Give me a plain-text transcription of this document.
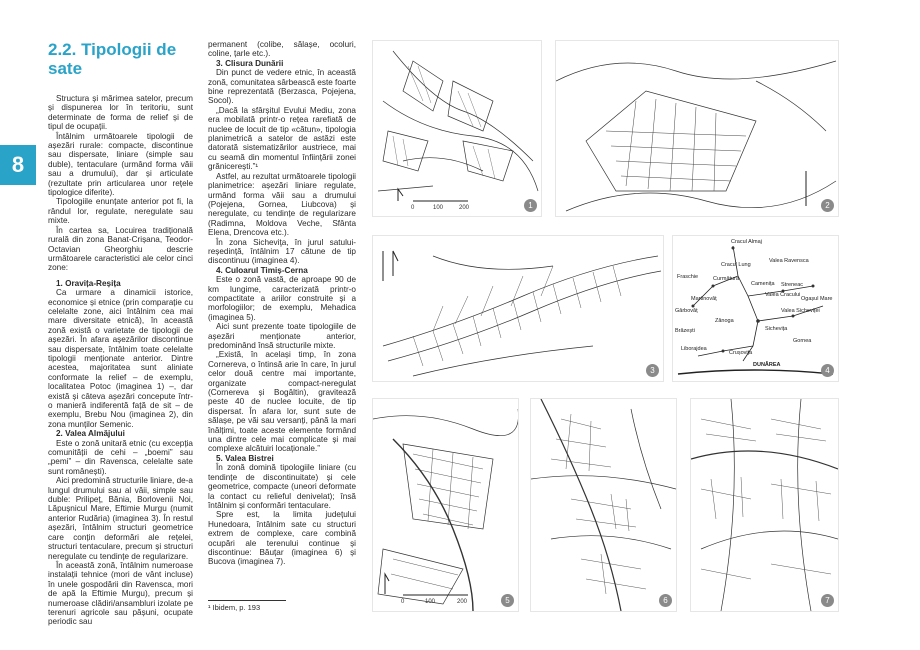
8
2.2. Tipologii de sate

Structura și mărimea satelor, precum și dispunerea lor în teritoriu, sunt determinate de forma de relief și de tipul de ocupații.

Întâlnim următoarele tipologii de așezări rurale: compacte, discontinue sau dispersate, liniare (simple sau duble), tentaculare (urmând forma văii sau a drumului), dar și articulate (rezultate prin articularea unor rețele tipologice diferite).

Tipologiile enunțate anterior pot fi, la rândul lor, regulate, neregulate sau mixte.

În cartea sa, Locuirea tradițională rurală din zona Banat-Crișana, Teodor-Octavian Gheorghiu descrie următoarele caracteristici ale celor cinci zone:

1. Oravița-Reșița

Ca urmare a dinamicii istorice, economice și etnice (prin comparație cu celelalte zone, aici întâlnim cea mai mare diversitate etnică), în această zonă există o varietate de tipologii de așezări. În afara așezărilor discontinue sau dispersate, întâlnim toate celelalte tipologii menționate anterior. Dintre acestea, majoritatea sunt aliniate conformate la relief – de exemplu, localitatea Potoc (imaginea 1) –, dar există și câteva așezări concepute într-o manieră indiferentă față de sit – de exemplu, Brebu Nou (imaginea 2), din zona munților Semenic.

2. Valea Almăjului

Este o zonă unitară etnic (cu excepția comunității de cehi – „boemi” sau „pemi” – din Ravensca, celelalte sate sunt românești).

Aici predomină structurile liniare, de-a lungul drumului sau al văii, simple sau duble: Prilipeț, Bănia, Borlovenii Noi, Lăpușnicul Mare, Eftimie Murgu (numit anterior Rudăria) (imaginea 3). În restul așezări, întâlnim structuri geometrice care conțin deformări ale rețelei, structuri tentaculare, precum și structuri neregulate cu tendințe de regularizare.

În această zonă, întâlnim numeroase instalații tehnice (mori de vânt incluse) în unele gospodării din Ravensca, mori de apă la Eftimie Murgu), precum și numeroase clădiri/ansambluri izolate pe terenuri agricole sau pășuni, ocupate periodic sau

permanent (colibe, sălașe, ocoluri, coline, țarle etc.).

3. Clisura Dunării

Din punct de vedere etnic, în această zonă, comunitatea sârbească este foarte bine reprezentată (Berzasca, Pojejena, Socol).

„Dacă la sfârșitul Evului Mediu, zona era mobilată printr-o rețea rarefiată de nuclee de locuit de tip «cătun», tipologia planimetrică a satelor de astăzi este datorată sistematizărilor austriece, mai cu seamă din momentul înființării zonei grănicerești.”¹

Astfel, au rezultat următoarele tipologii planimetrice: așezări liniare regulate, urmând forma văii sau a drumului (Pojejena, Gornea, Liubcova) și neregulate, cu tendințe de regularizare (Radimna, Moldova Veche, Sfânta Elena, Drencova etc.).

În zona Sicheviţa, în jurul satului-reședință, întâlnim 17 cătune de tip discontinuu (imaginea 4).

4. Culoarul Timiș-Cerna

Este o zonă vastă, de aproape 90 de km lungime, caracterizată printr-o compactitate a ariilor construite și a morfologiilor; de exemplu, Mehadica (imaginea 5).

Aici sunt prezente toate tipologiile de așezări menționate anterior, predominând însă structurile mixte.

„Există, în același timp, în zona Cornereva, o întinsă arie în care, în jurul celor două centre mai importante, organizate compact-neregulat (Cornereva și Bogâltin), gravitează peste 40 de nuclee locuite, de tip dispersat. În afara lor, sunt sute de sălașe, pe văi sau versanți, până la mari înălțimi, toate aceste elemente formând una dintre cele mai complicate și mai complexe alcătuiri locaționale.”

5. Valea Bistrei

În zonă domină tipologiile liniare (cu tendințe de discontinuitate) și cele geometrice, compacte (uneori deformate la contact cu relieful denivelat); însă întâlnim și conformări tentaculare.

Spre est, la limita județului Hunedoara, întâlnim sate cu structuri extrem de complexe, care combină ocupări ale terenului continue și discontinue: Băuțar (imaginea 6) și Bucova (imaginea 7).

¹ Ibidem, p. 193
0	100	200	1	2
3
Cracul Almaj
Cracul Lung
Valea Ravensca
Fraschie	Curmătura
Camenița Streneac
Valea Cracului
Ogașul Mare
Martinovăț
Gârbovăț	Valea Sicheviței
Zănoga
Brăzești	Sichevița
Gornea
Liborajdea
Crușovița
DUNĂREA
4
0	100	200	5	6	7
